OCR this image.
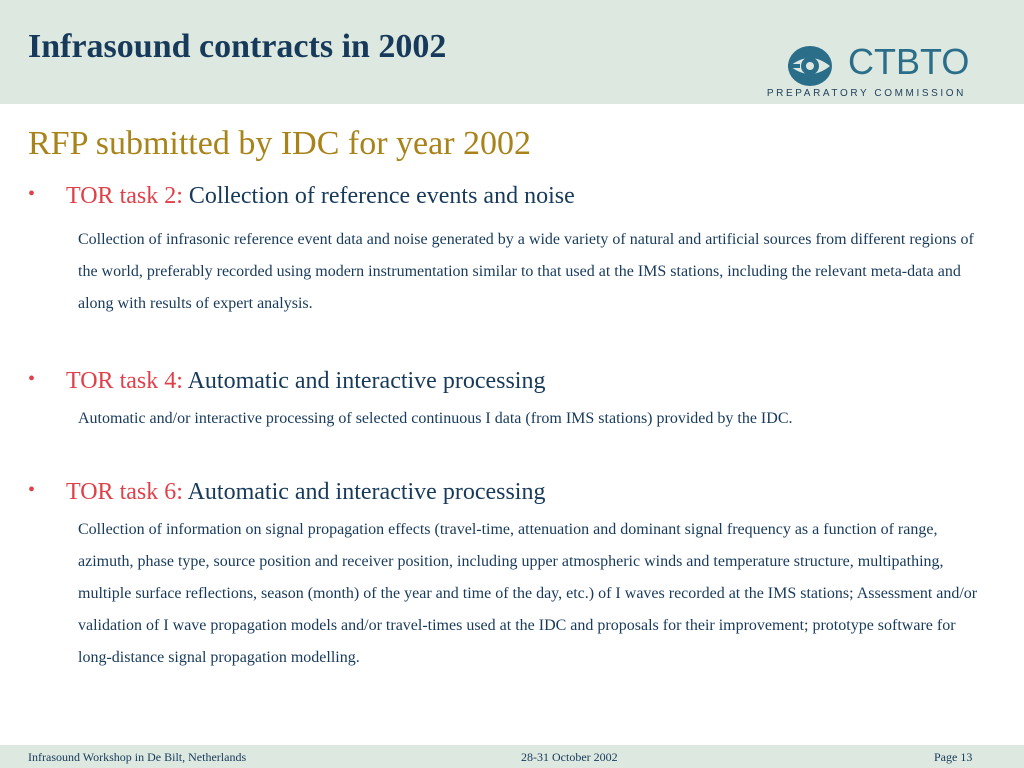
Infrasound contracts in 2002	CTBTO
PREPARATORY COMMISSION
RFP submitted by IDC for year 2002
• TOR task 2: Collection of reference events and noise
Collection of infrasonic reference event data and noise generated by a wide variety of natural and artificial sources from different regions of the world, preferably recorded using modern instrumentation similar to that used at the IMS stations, including the relevant meta-data and along with results of expert analysis.
• TOR task 4: Automatic and interactive processing
Automatic and/or interactive processing of selected continuous I data (from IMS stations) provided by the IDC.
• TOR task 6: Automatic and interactive processing
Collection of information on signal propagation effects (travel-time, attenuation and dominant signal frequency as a function of range, azimuth, phase type, source position and receiver position, including upper atmospheric winds and temperature structure, multipathing, multiple surface reflections, season (month) of the year and time of the day, etc.) of I waves recorded at the IMS stations; Assessment and/or validation of I wave propagation models and/or travel-times used at the IDC and proposals for their improvement; prototype software for long-distance signal propagation modelling.
Infrasound Workshop in De Bilt, Netherlands	28-31 October 2002	Page 13
